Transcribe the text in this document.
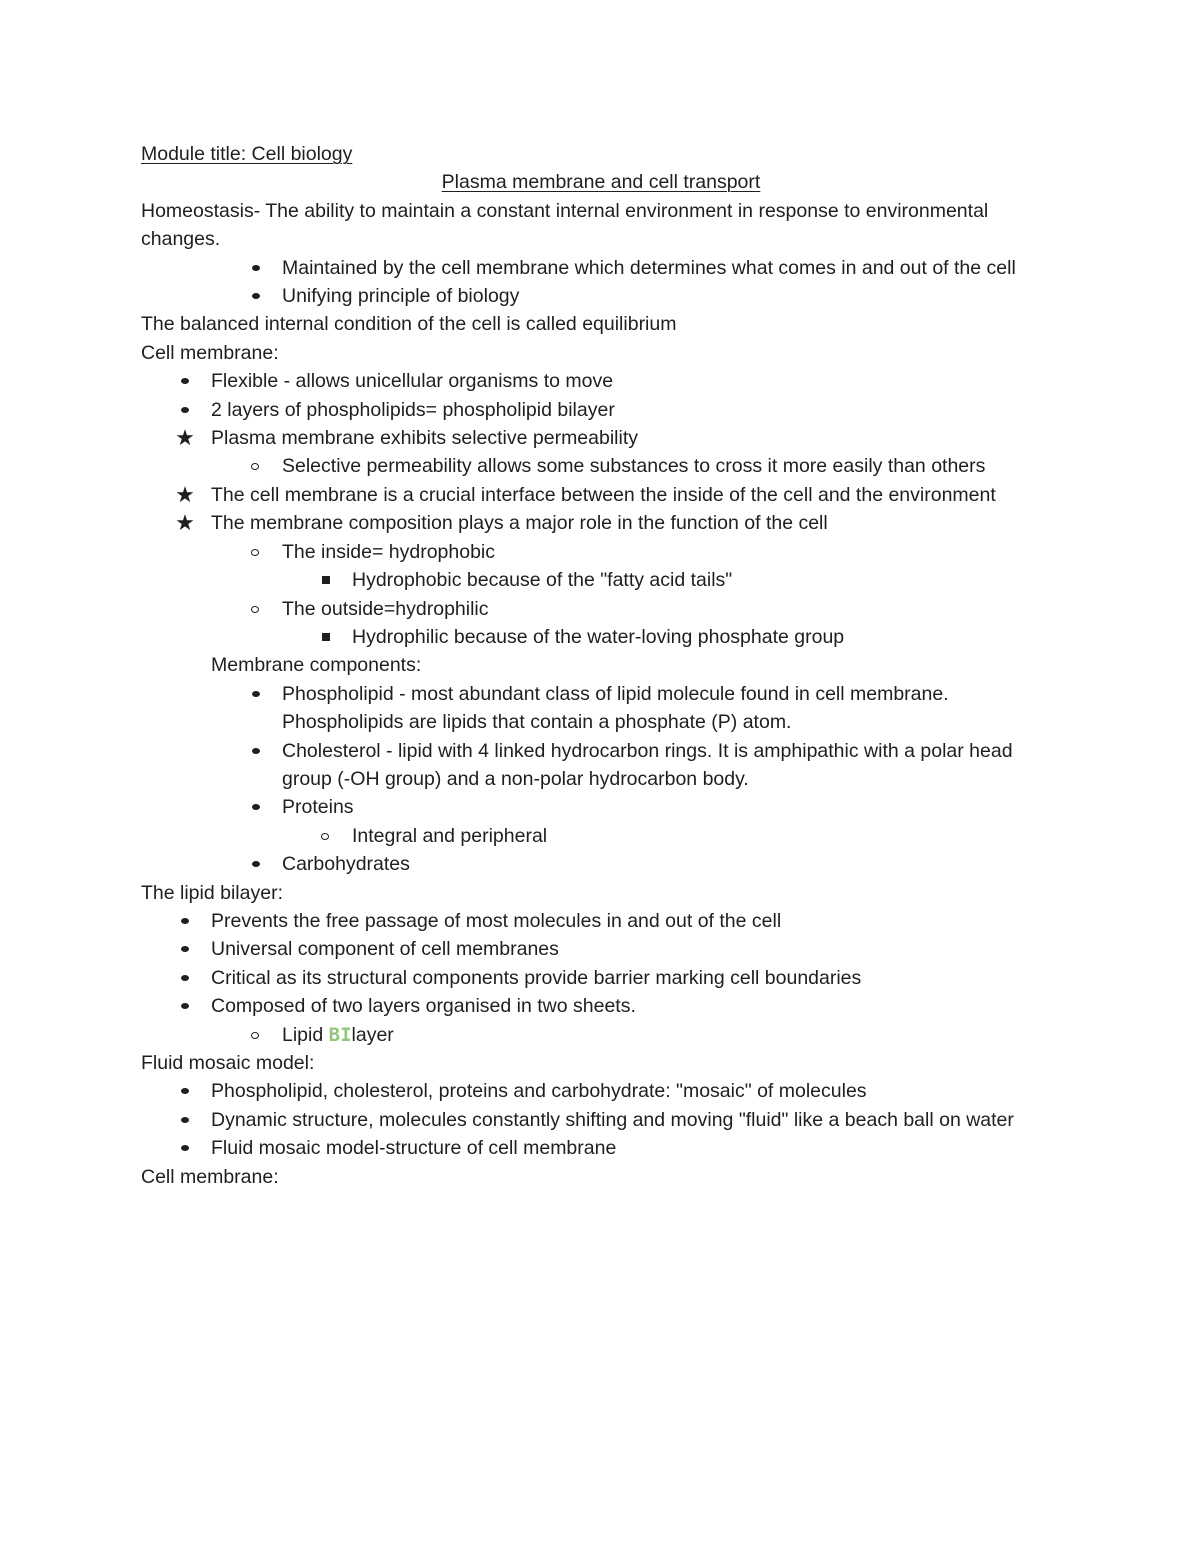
Module title: Cell biology
Plasma membrane and cell transport
Homeostasis- The ability to maintain a constant internal environment in response to environmental changes.
Maintained by the cell membrane which determines what comes in and out of the cell
Unifying principle of biology
The balanced internal condition of the cell is called equilibrium
Cell membrane:
Flexible - allows unicellular organisms to move
2 layers of phospholipids= phospholipid bilayer
★ Plasma membrane exhibits selective permeability
Selective permeability allows some substances to cross it more easily than others
★ The cell membrane is a crucial interface between the inside of the cell and the environment
★ The membrane composition plays a major role in the function of the cell
The inside= hydrophobic
Hydrophobic because of the "fatty acid tails"
The outside=hydrophilic
Hydrophilic because of the water-loving phosphate group
Membrane components:
Phospholipid - most abundant class of lipid molecule found in cell membrane. Phospholipids are lipids that contain a phosphate (P) atom.
Cholesterol - lipid with 4 linked hydrocarbon rings. It is amphipathic with a polar head group (-OH group) and a non-polar hydrocarbon body.
Proteins
Integral and peripheral
Carbohydrates
The lipid bilayer:
Prevents the free passage of most molecules in and out of the cell
Universal component of cell membranes
Critical as its structural components provide barrier marking cell boundaries
Composed of two layers organised in two sheets.
Lipid BIlayer
Fluid mosaic model:
Phospholipid, cholesterol, proteins and carbohydrate: "mosaic" of molecules
Dynamic structure, molecules constantly shifting and moving "fluid" like a beach ball on water
Fluid mosaic model-structure of cell membrane
Cell membrane:
